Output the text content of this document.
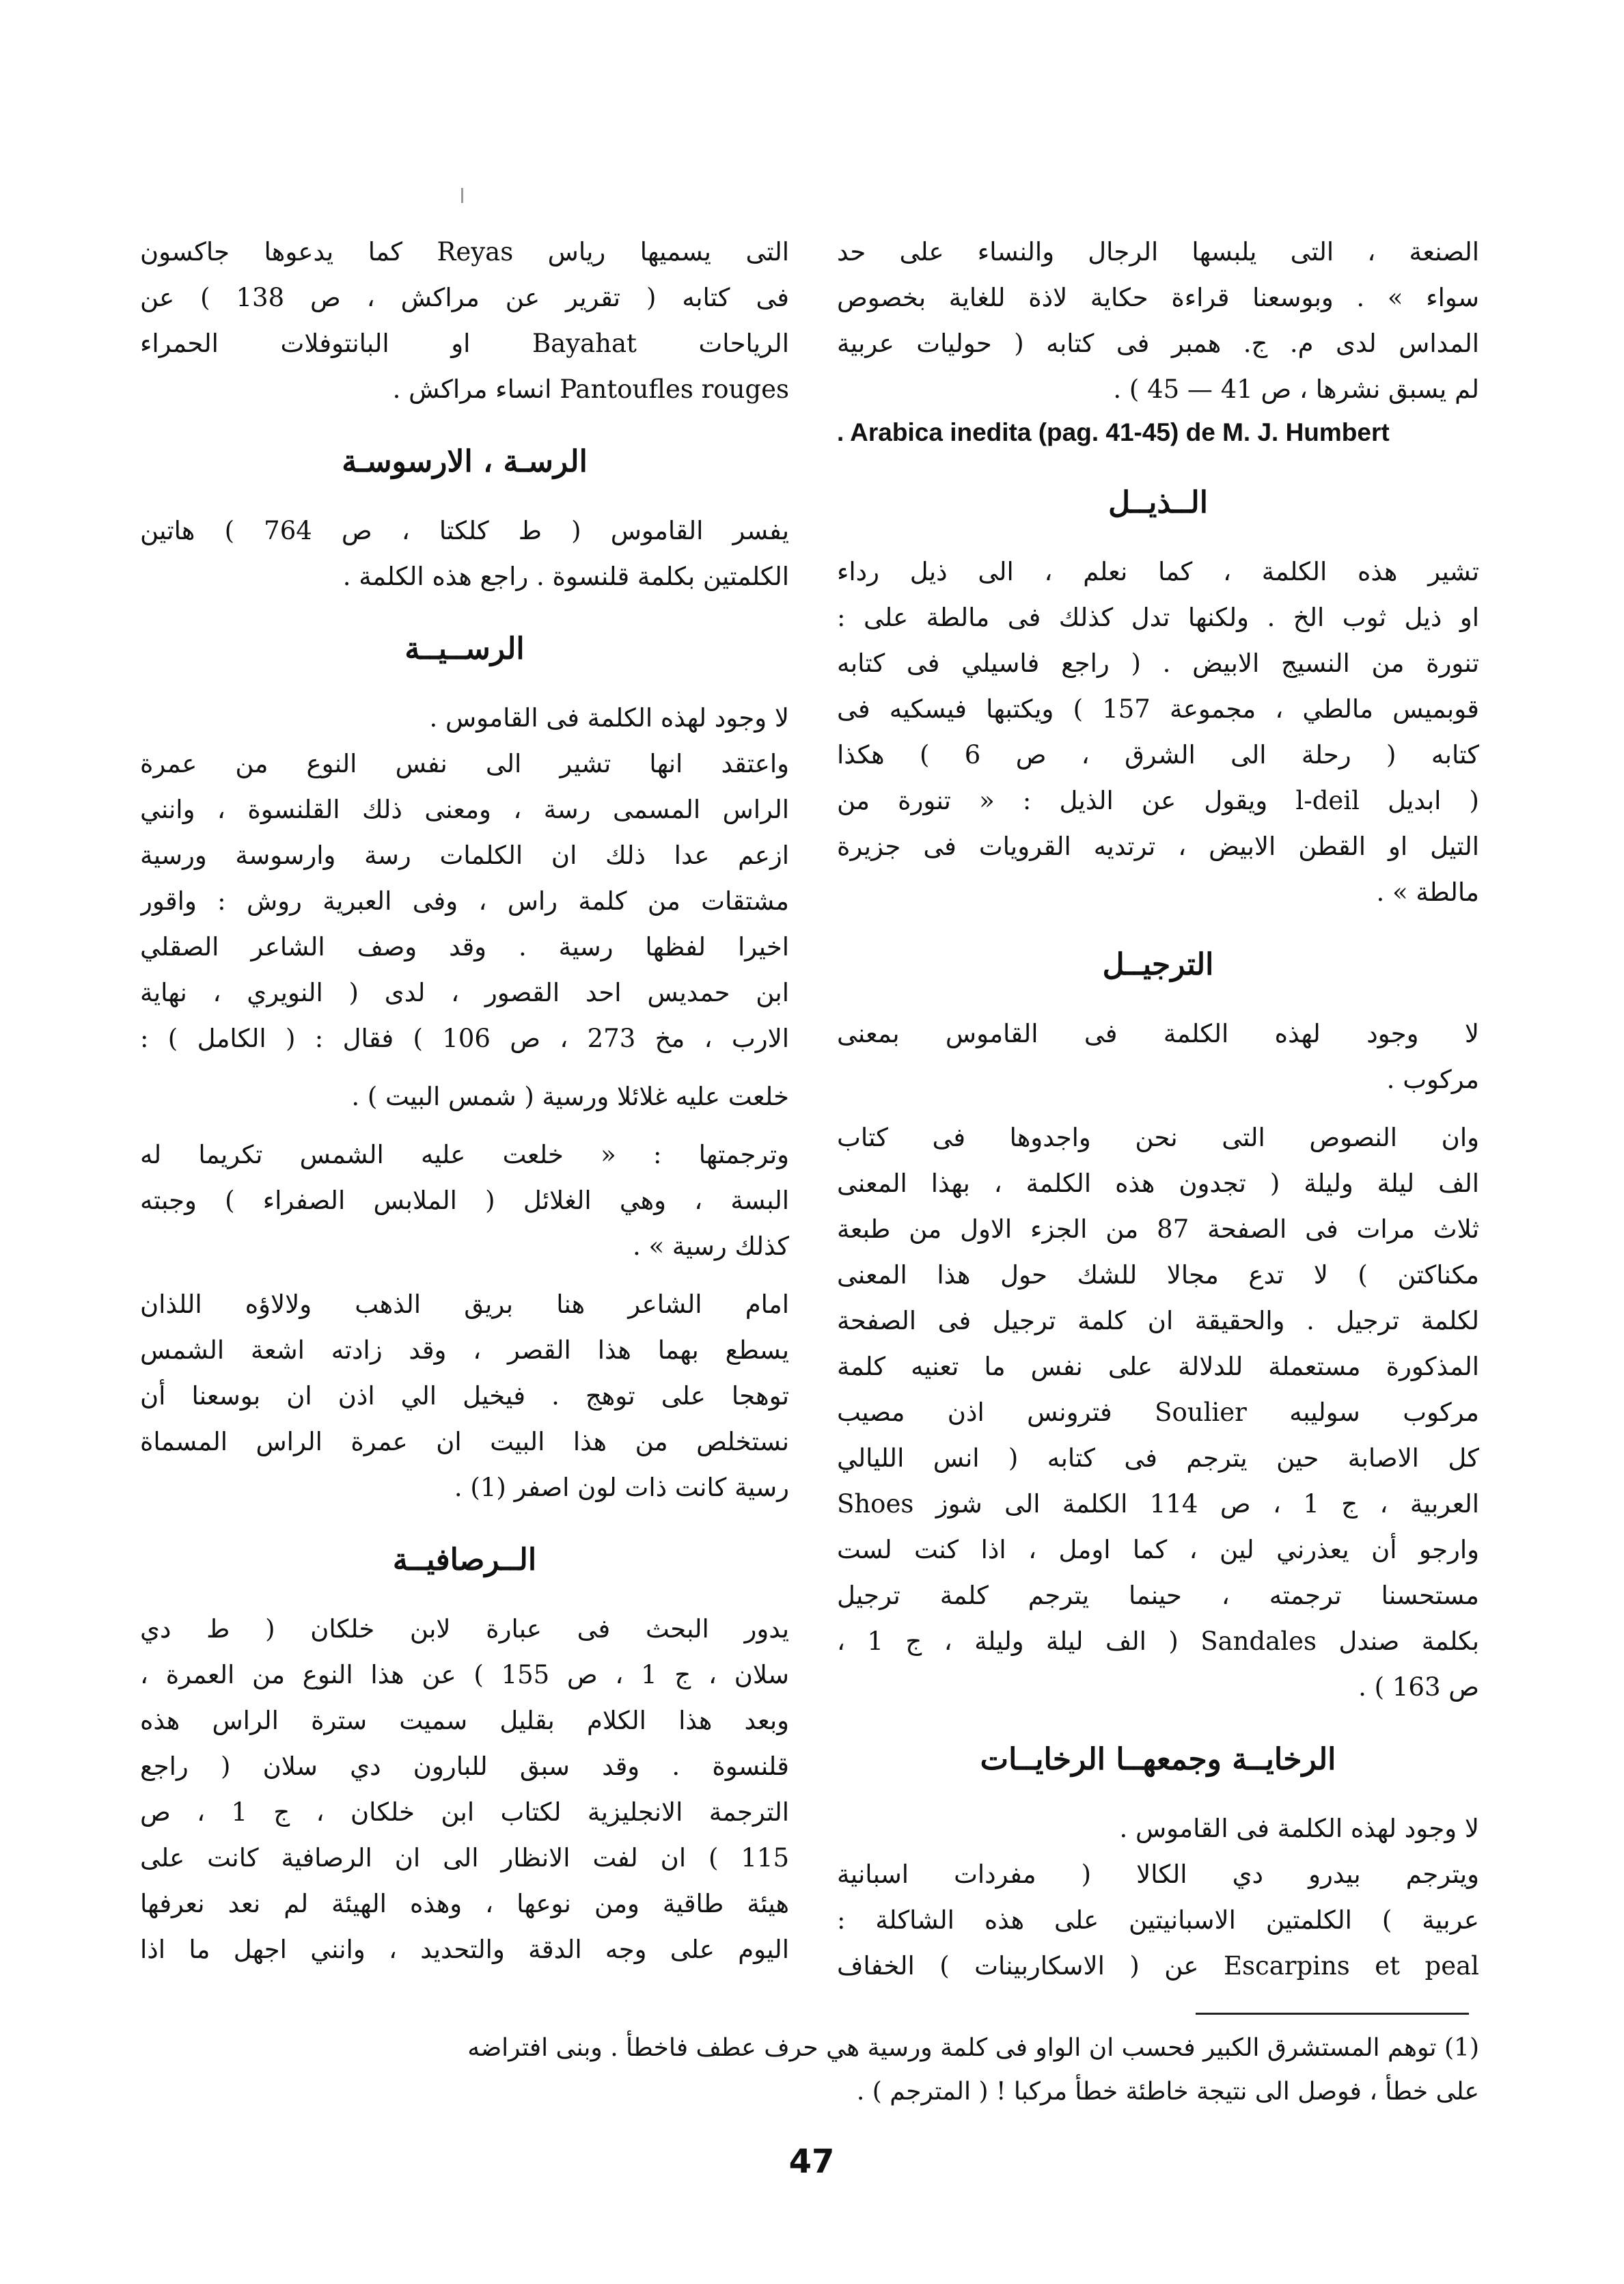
الصنعة ، التى يلبسها الرجال والنساء على حد
سواء » . وبوسعنا قراءة حكاية لاذة للغاية بخصوص
المداس لدى م. ج. همبر فى كتابه ( حوليات عربية
لم يسبق نشرها ، ص 41 — 45 ) .
. Arabica inedita (pag. 41-45) de M. J. Humbert
الــذيــل
تشير هذه الكلمة ، كما نعلم ، الى ذيل رداء
او ذيل ثوب الخ . ولكنها تدل كذلك فى مالطة على :
تنورة من النسيج الابيض . ( راجع فاسيلي فى كتابه
قوبميس مالطي ، مجموعة 157 ) ويكتبها فيسكيه فى
كتابه ( رحلة الى الشرق ، ص 6 ) هكذا
( ابديل l-deil ويقول عن الذيل : « تنورة من
التيل او القطن الابيض ، ترتديه القرويات فى جزيرة
مالطة » .
الترجيــل
لا وجود لهذه الكلمة فى القاموس بمعنى
مركوب .
وان النصوص التى نحن واجدوها فى كتاب
الف ليلة وليلة ( تجدون هذه الكلمة ، بهذا المعنى
ثلاث مرات فى الصفحة 87 من الجزء الاول من طبعة
مكناكتن ) لا تدع مجالا للشك حول هذا المعنى
لكلمة ترجيل . والحقيقة ان كلمة ترجيل فى الصفحة
المذكورة مستعملة للدلالة على نفس ما تعنيه كلمة
مركوب سوليبه Soulier فترونس اذن مصيب
كل الاصابة حين يترجم فى كتابه ( انس الليالي
العربية ، ج 1 ، ص 114 الكلمة الى شوز Shoes
وارجو أن يعذرني لين ، كما اومل ، اذا كنت لست
مستحسنا ترجمته ، حينما يترجم كلمة ترجيل
بكلمة صندل Sandales ( الف ليلة وليلة ، ج 1 ،
ص 163 ) .
الرخايــة وجمعهــا الرخايــات
لا وجود لهذه الكلمة فى القاموس .
ويترجم بيدرو دي الكالا ( مفردات اسبانية
عربية ) الكلمتين الاسبانيتين على هذه الشاكلة :
Escarpins et peal عن ( الاسكاربينات ) الخفاف
التى يسميها رياس Reyas كما يدعوها جاكسون
فى كتابه ( تقرير عن مراكش ، ص 138 ) عن
الرياحات Bayahat او البانتوفلات الحمراء
Pantoufles rouges انساء مراكش .
الرسـة ، الارسوسـة
يفسر القاموس ( ط كلكتا ، ص 764 ) هاتين
الكلمتين بكلمة قلنسوة . راجع هذه الكلمة .
الرســيــة
لا وجود لهذه الكلمة فى القاموس .
واعتقد انها تشير الى نفس النوع من عمرة
الراس المسمى رسة ، ومعنى ذلك القلنسوة ، وانني
ازعم عدا ذلك ان الكلمات رسة وارسوسة ورسية
مشتقات من كلمة راس ، وفى العبرية روش : واقور
اخيرا لفظها رسية . وقد وصف الشاعر الصقلي
ابن حمديس احد القصور ، لدى ( النويري ، نهاية
الارب ، مخ 273 ، ص 106 ) فقال : ( الكامل ) :
خلعت عليه غلائلا ورسية ( شمس البيت ) .
وترجمتها : « خلعت عليه الشمس تكريما له
البسة ، وهي الغلائل ( الملابس الصفراء ) وجبته
كذلك رسية » .
امام الشاعر هنا بريق الذهب ولالاؤه اللذان
يسطع بهما هذا القصر ، وقد زادته اشعة الشمس
توهجا على توهج . فيخيل الي اذن ان بوسعنا أن
نستخلص من هذا البيت ان عمرة الراس المسماة
رسية كانت ذات لون اصفر (1) .
الــرصافيــة
يدور البحث فى عبارة لابن خلكان ( ط دي
سلان ، ج 1 ، ص 155 ) عن هذا النوع من العمرة ،
وبعد هذا الكلام بقليل سميت سترة الراس هذه
قلنسوة . وقد سبق للبارون دي سلان ( راجع
الترجمة الانجليزية لكتاب ابن خلكان ، ج 1 ، ص
115 ) ان لفت الانظار الى ان الرصافية كانت على
هيئة طاقية ومن نوعها ، وهذه الهيئة لم نعد نعرفها
اليوم على وجه الدقة والتحديد ، وانني اجهل ما اذا
(1) توهم المستشرق الكبير فحسب ان الواو فى كلمة ورسية هي حرف عطف فاخطأ . وبنى افتراضه
على خطأ ، فوصل الى نتيجة خاطئة خطأ مركبا ! ( المترجم ) .
47
